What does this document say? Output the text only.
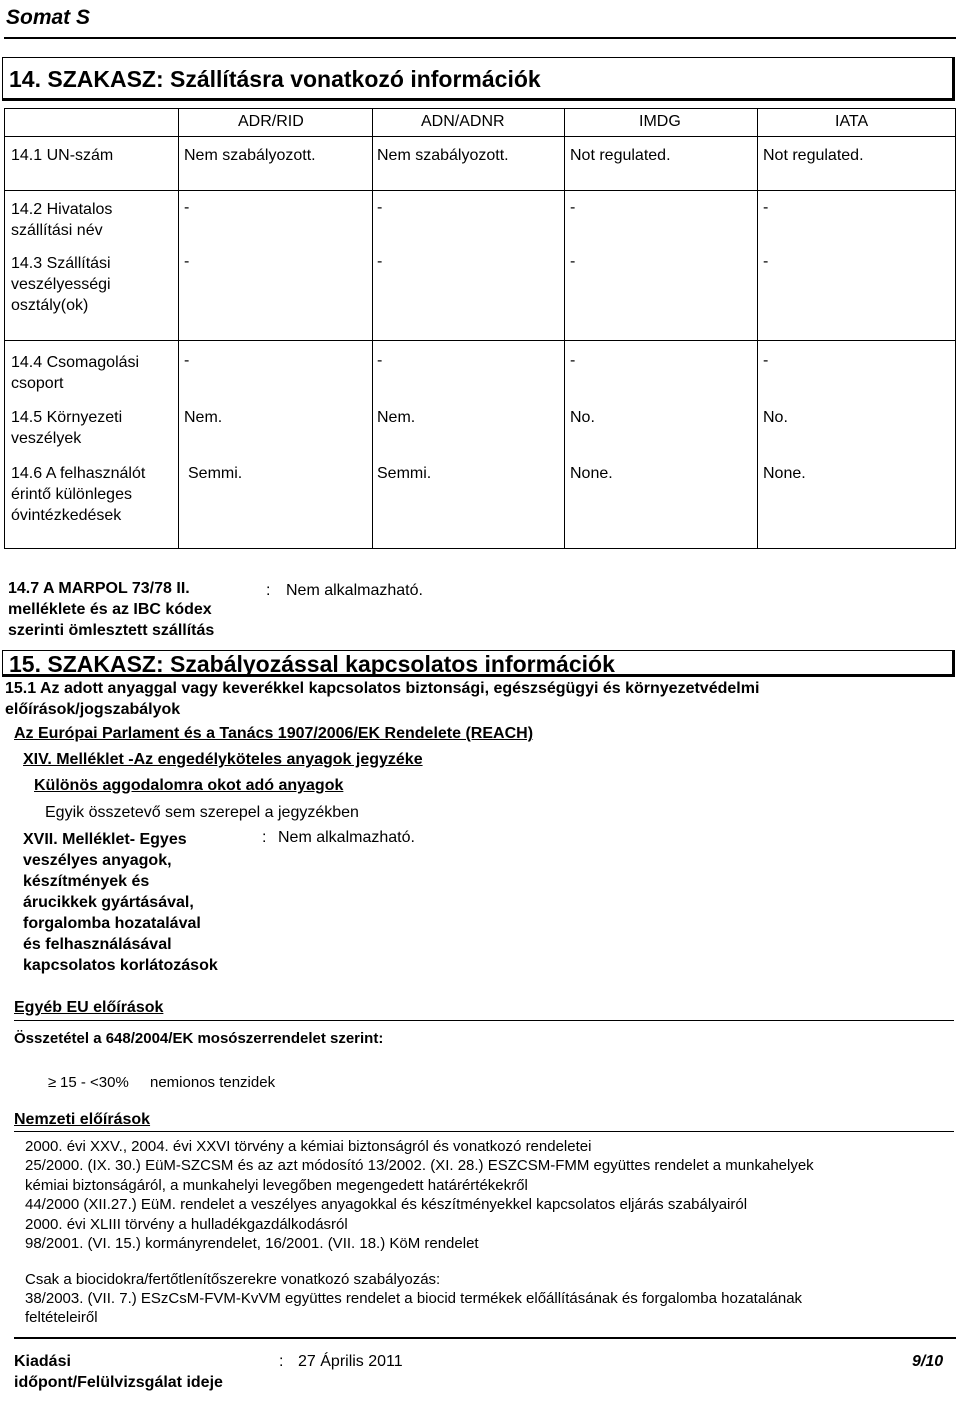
Somat S
14. SZAKASZ: Szállításra vonatkozó információk
ADR/RID	ADN/ADNR	IMDG	IATA
14.1 UN-szám	Nem szabályozott.	Nem szabályozott.	Not regulated.	Not regulated.
14.2 Hivatalos
szállítási név
-	-	-	-
14.3 Szállítási
veszélyességi
osztály(ok)
-	-	-	-
14.4 Csomagolási
csoport
-	-	-	-
14.5 Környezeti
veszélyek
Nem.	Nem.	No.	No.
14.6 A felhasználót
érintő különleges
óvintézkedések
Semmi.	Semmi.	None.	None.
14.7 A MARPOL 73/78 II.
melléklete és az IBC kódex
szerinti ömlesztett szállítás
: Nem alkalmazható.
15. SZAKASZ: Szabályozással kapcsolatos információk
15.1 Az adott anyaggal vagy keverékkel kapcsolatos biztonsági, egészségügyi és környezetvédelmi
előírások/jogszabályok
Az Európai Parlament és a Tanács 1907/2006/EK Rendelete (REACH)
XIV. Melléklet -Az engedélyköteles anyagok jegyzéke
Különös aggodalomra okot adó anyagok
Egyik összetevő sem szerepel a jegyzékben
XVII. Melléklet- Egyes
veszélyes anyagok,
készítmények és
árucikkek gyártásával,
forgalomba hozatalával
és felhasználásával
kapcsolatos korlátozások
: Nem alkalmazható.
Egyéb EU előírások
Összetétel a 648/2004/EK mosószerrendelet szerint:
≥ 15 - <30% nemionos tenzidek
Nemzeti előírások
2000. évi XXV., 2004. évi XXVI törvény a kémiai biztonságról és vonatkozó rendeletei
25/2000. (IX. 30.) EüM-SZCSM és az azt módosító 13/2002. (XI. 28.) ESZCSM-FMM együttes rendelet a munkahelyek
kémiai biztonságáról, a munkahelyi levegőben megengedett határértékekről
44/2000 (XII.27.) EüM. rendelet a veszélyes anyagokkal és készítményekkel kapcsolatos eljárás szabályairól
2000. évi XLIII törvény a hulladékgazdálkodásról
98/2001. (VI. 15.) kormányrendelet, 16/2001. (VII. 18.) KöM rendelet
Csak a biocidokra/fertőtlenítőszerekre vonatkozó szabályozás:
38/2003. (VII. 7.) ESzCsM-FVM-KvVM együttes rendelet a biocid termékek előállításának és forgalomba hozatalának
feltételeiről
Kiadási
időpont/Felülvizsgálat ideje
: 27 Április 2011	9/10
